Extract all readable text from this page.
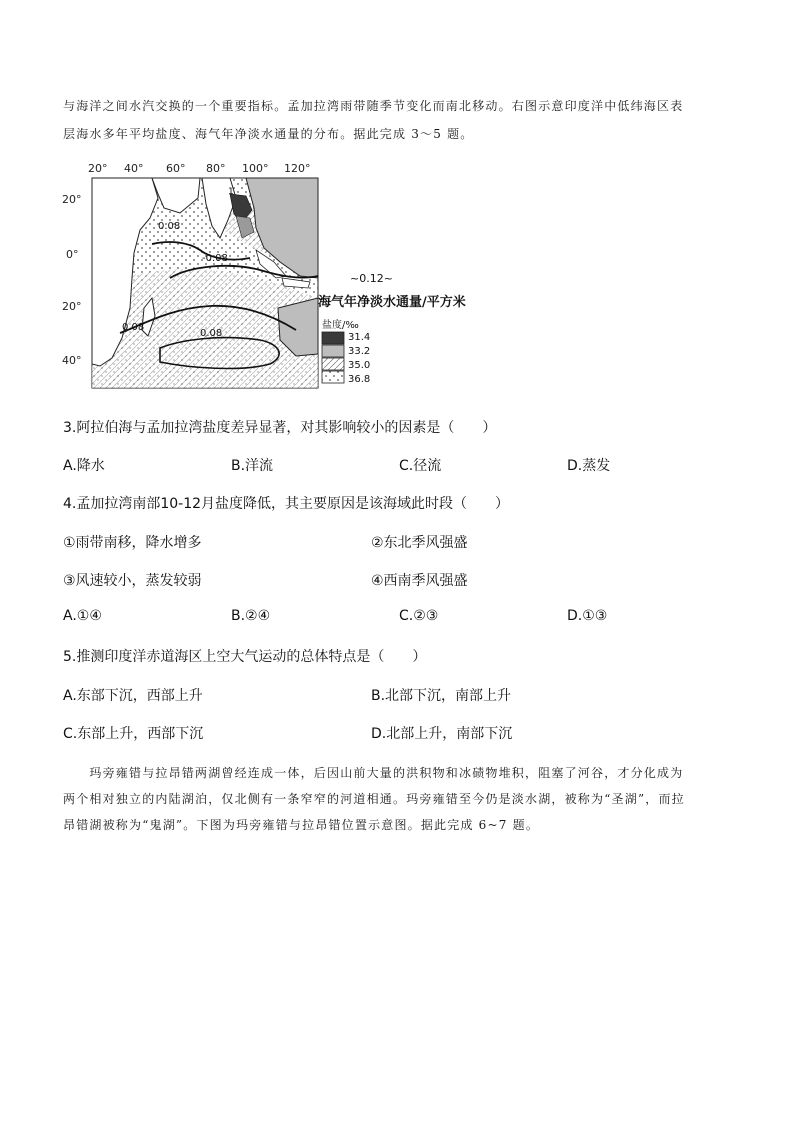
与海洋之间水汽交换的一个重要指标。孟加拉湾雨带随季节变化而南北移动。右图示意印度洋中低纬海区表
层海水多年平均盐度、海气年净淡水通量的分布。据此完成 3～5 题。
20° 40° 60° 80° 100° 120°
20°
0°
20°
40°
1
0.08
-0.08
0.08
0.08
~0.12~
海气年净淡水通量/平方米
盐度/‰
31.4
33.2
35.0
36.8
3.阿拉伯海与孟加拉湾盐度差异显著，对其影响较小的因素是（　　）
A.降水	B.洋流	C.径流	D.蒸发
4.孟加拉湾南部10-12月盐度降低，其主要原因是该海域此时段（　　）
①雨带南移，降水增多	②东北季风强盛
③风速较小，蒸发较弱	④西南季风强盛
A.①④	B.②④	C.②③	D.①③
5.推测印度洋赤道海区上空大气运动的总体特点是（　　）
A.东部下沉，西部上升	B.北部下沉，南部上升
C.东部上升，西部下沉	D.北部上升，南部下沉
　　玛旁雍错与拉昂错两湖曾经连成一体，后因山前大量的洪积物和冰碛物堆积，阻塞了河谷，才分化成为
两个相对独立的内陆湖泊，仅北侧有一条窄窄的河道相通。玛旁雍错至今仍是淡水湖，被称为“圣湖”，而拉
昂错湖被称为“鬼湖”。下图为玛旁雍错与拉昂错位置示意图。据此完成 6~7 题。
